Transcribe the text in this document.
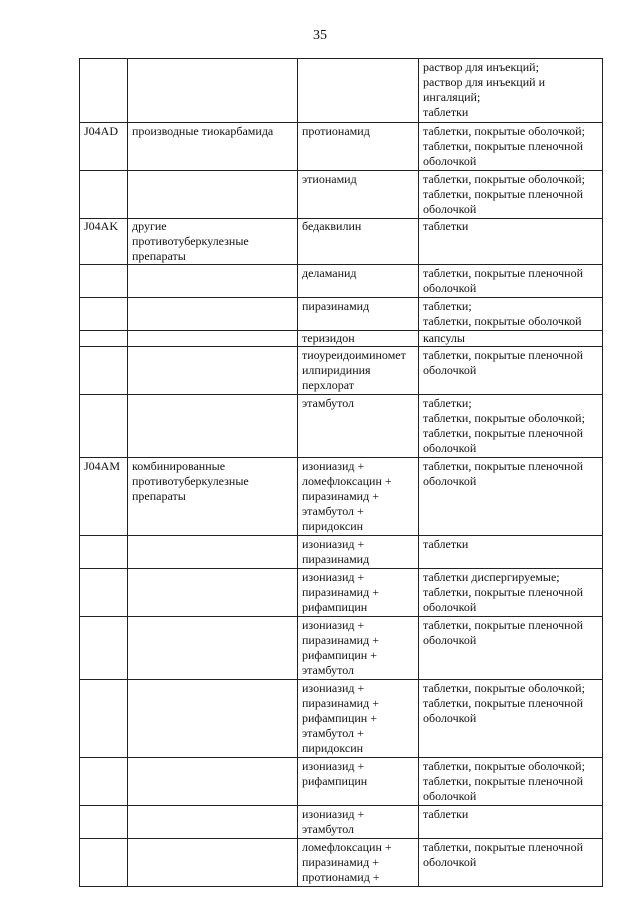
35

			раствор для инъекций;
раствор для инъекций и
ингаляций;
таблетки

J04AD	производные тиокарбамида	протионамид	таблетки, покрытые оболочкой;
таблетки, покрытые пленочной
оболочкой

		этионамид	таблетки, покрытые оболочкой;
таблетки, покрытые пленочной
оболочкой

J04AK	другие
противотуберкулезные
препараты	бедаквилин	таблетки

		деламанид	таблетки, покрытые пленочной
оболочкой

		пиразинамид	таблетки;
таблетки, покрытые оболочкой

		теризидон	капсулы

		тиоуреидоиминомет
илпиридиния
перхлорат	таблетки, покрытые пленочной
оболочкой

		этамбутол	таблетки;
таблетки, покрытые оболочкой;
таблетки, покрытые пленочной
оболочкой

J04AM	комбинированные
противотуберкулезные
препараты	изониазид +
ломефлоксацин +
пиразинамид +
этамбутол +
пиридоксин	таблетки, покрытые пленочной
оболочкой

		изониазид +
пиразинамид	таблетки

		изониазид +
пиразинамид +
рифампицин	таблетки диспергируемые;
таблетки, покрытые пленочной
оболочкой

		изониазид +
пиразинамид +
рифампицин +
этамбутол	таблетки, покрытые пленочной
оболочкой

		изониазид +
пиразинамид +
рифампицин +
этамбутол +
пиридоксин	таблетки, покрытые оболочкой;
таблетки, покрытые пленочной
оболочкой

		изониазид +
рифампицин	таблетки, покрытые оболочкой;
таблетки, покрытые пленочной
оболочкой

		изониазид +
этамбутол	таблетки

		ломефлоксацин +
пиразинамид +
протионамид +	таблетки, покрытые пленочной
оболочкой
